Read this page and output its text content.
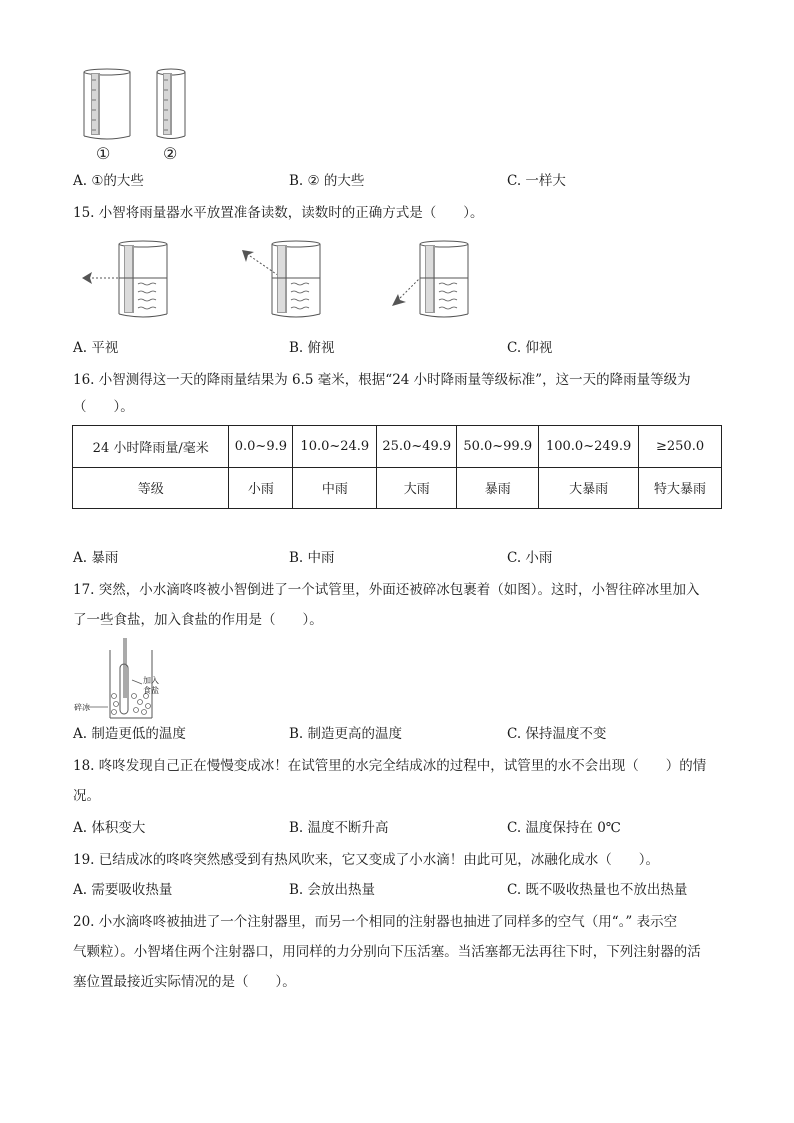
①	②
A. ①的大些	B. ② 的大些	C. 一样大
15. 小智将雨量器水平放置准备读数，读数时的正确方式是（　　）。
A. 平视	B. 俯视	C. 仰视
16. 小智测得这一天的降雨量结果为 6.5 毫米，根据“24 小时降雨量等级标准”，这一天的降雨量等级为
（　　）。
24 小时降雨量/毫米	0.0~9.9	10.0~24.9	25.0~49.9	50.0~99.9	100.0~249.9	≥250.0
等级	小雨	中雨	大雨	暴雨	大暴雨	特大暴雨
A. 暴雨	B. 中雨	C. 小雨
17. 突然，小水滴咚咚被小智倒进了一个试管里，外面还被碎冰包裹着（如图）。这时，小智往碎冰里加入
了一些食盐，加入食盐的作用是（　　）。
加入食盐
碎冰
A. 制造更低的温度	B. 制造更高的温度	C. 保持温度不变
18. 咚咚发现自己正在慢慢变成冰！在试管里的水完全结成冰的过程中，试管里的水不会出现（　　）的情
况。
A. 体积变大	B. 温度不断升高	C. 温度保持在 0℃
19. 已结成冰的咚咚突然感受到有热风吹来，它又变成了小水滴！由此可见，冰融化成水（　　）。
A. 需要吸收热量	B. 会放出热量	C. 既不吸收热量也不放出热量
20. 小水滴咚咚被抽进了一个注射器里，而另一个相同的注射器也抽进了同样多的空气（用“。” 表示空
气颗粒）。小智堵住两个注射器口，用同样的力分别向下压活塞。当活塞都无法再往下时，下列注射器的活
塞位置最接近实际情况的是（　　）。
